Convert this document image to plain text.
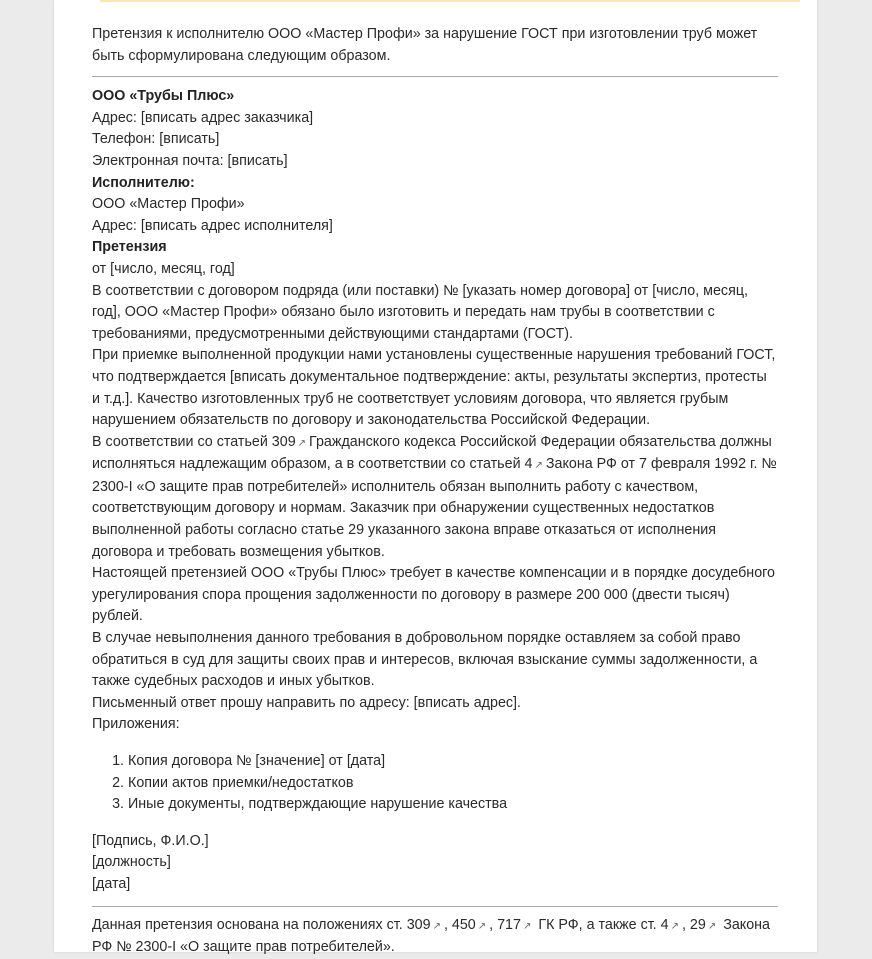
Претензия к исполнителю ООО «Мастер Профи» за нарушение ГОСТ при изготовлении труб может быть сформулирована следующим образом.

ООО «Трубы Плюс»
Адрес: [вписать адрес заказчика]
Телефон: [вписать]
Электронная почта: [вписать]
Исполнителю:
ООО «Мастер Профи»
Адрес: [вписать адрес исполнителя]
Претензия
от [число, месяц, год]
В соответствии с договором подряда (или поставки) № [указать номер договора] от [число, месяц, год], ООО «Мастер Профи» обязано было изготовить и передать нам трубы в соответствии с требованиями, предусмотренными действующими стандартами (ГОСТ).
При приемке выполненной продукции нами установлены существенные нарушения требований ГОСТ, что подтверждается [вписать документальное подтверждение: акты, результаты экспертиз, протесты и т.д.]. Качество изготовленных труб не соответствует условиям договора, что является грубым нарушением обязательств по договору и законодательства Российской Федерации.
В соответствии со статьей 309 ↗ Гражданского кодекса Российской Федерации обязательства должны исполняться надлежащим образом, а в соответствии со статьей 4 ↗ Закона РФ от 7 февраля 1992 г. № 2300-I «О защите прав потребителей» исполнитель обязан выполнить работу с качеством, соответствующим договору и нормам. Заказчик при обнаружении существенных недостатков выполненной работы согласно статье 29 указанного закона вправе отказаться от исполнения договора и требовать возмещения убытков.
Настоящей претензией ООО «Трубы Плюс» требует в качестве компенсации и в порядке досудебного урегулирования спора прощения задолженности по договору в размере 200 000 (двести тысяч) рублей.
В случае невыполнения данного требования в добровольном порядке оставляем за собой право обратиться в суд для защиты своих прав и интересов, включая взыскание суммы задолженности, а также судебных расходов и иных убытков.
Письменный ответ прошу направить по адресу: [вписать адрес].
Приложения:
1. Копия договора № [значение] от [дата]
2. Копии актов приемки/недостатков
3. Иные документы, подтверждающие нарушение качества
[Подпись, Ф.И.О.]
[должность]
[дата]
Данная претензия основана на положениях ст. 309 ↗ , 450 ↗ , 717 ↗ ГК РФ, а также ст. 4 ↗ , 29 ↗ Закона РФ № 2300-I «О защите прав потребителей».
